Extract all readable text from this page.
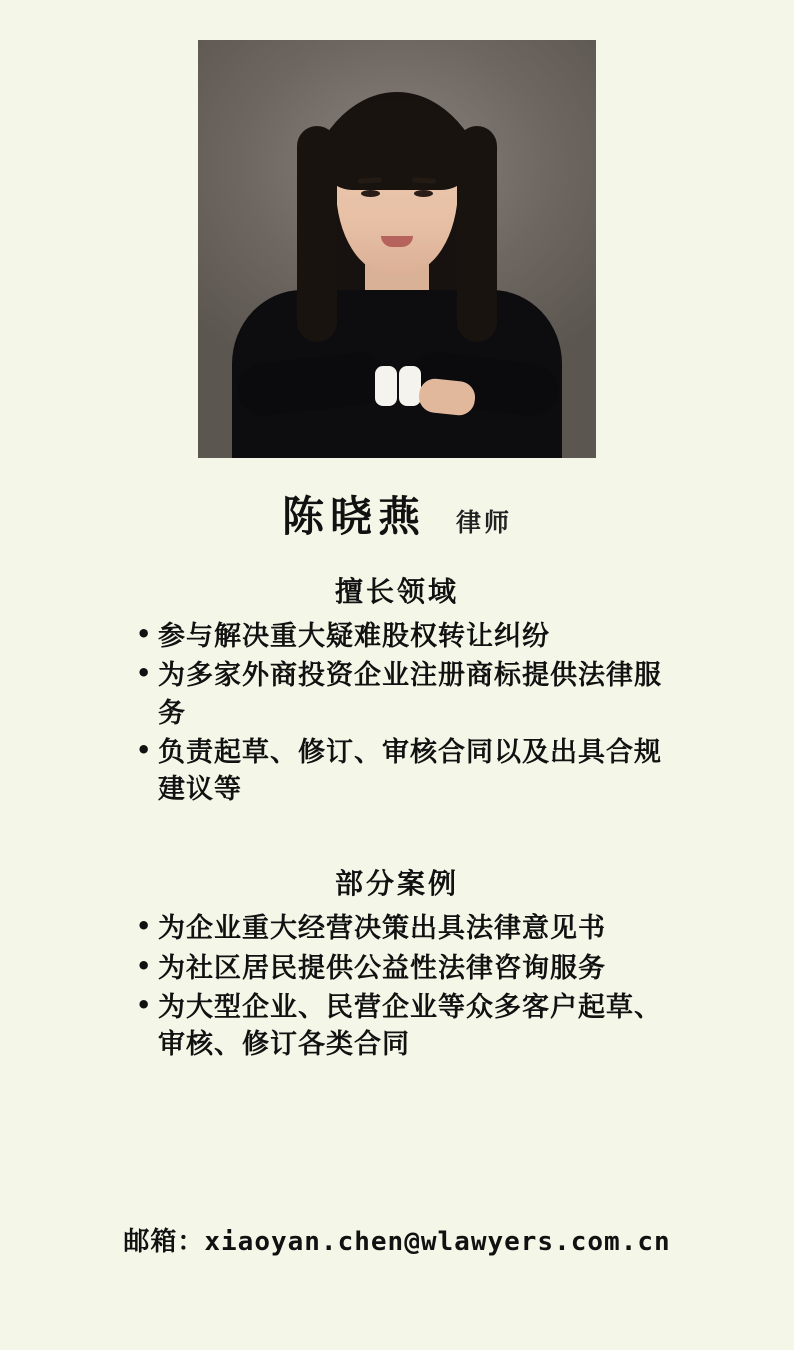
陈晓燕 律师
擅长领域
• 参与解决重大疑难股权转让纠纷
• 为多家外商投资企业注册商标提供法律服务
• 负责起草、修订、审核合同以及出具合规建议等
部分案例
• 为企业重大经营决策出具法律意见书
• 为社区居民提供公益性法律咨询服务
• 为大型企业、民营企业等众多客户起草、审核、修订各类合同
邮箱：xiaoyan.chen@wlawyers.com.cn
